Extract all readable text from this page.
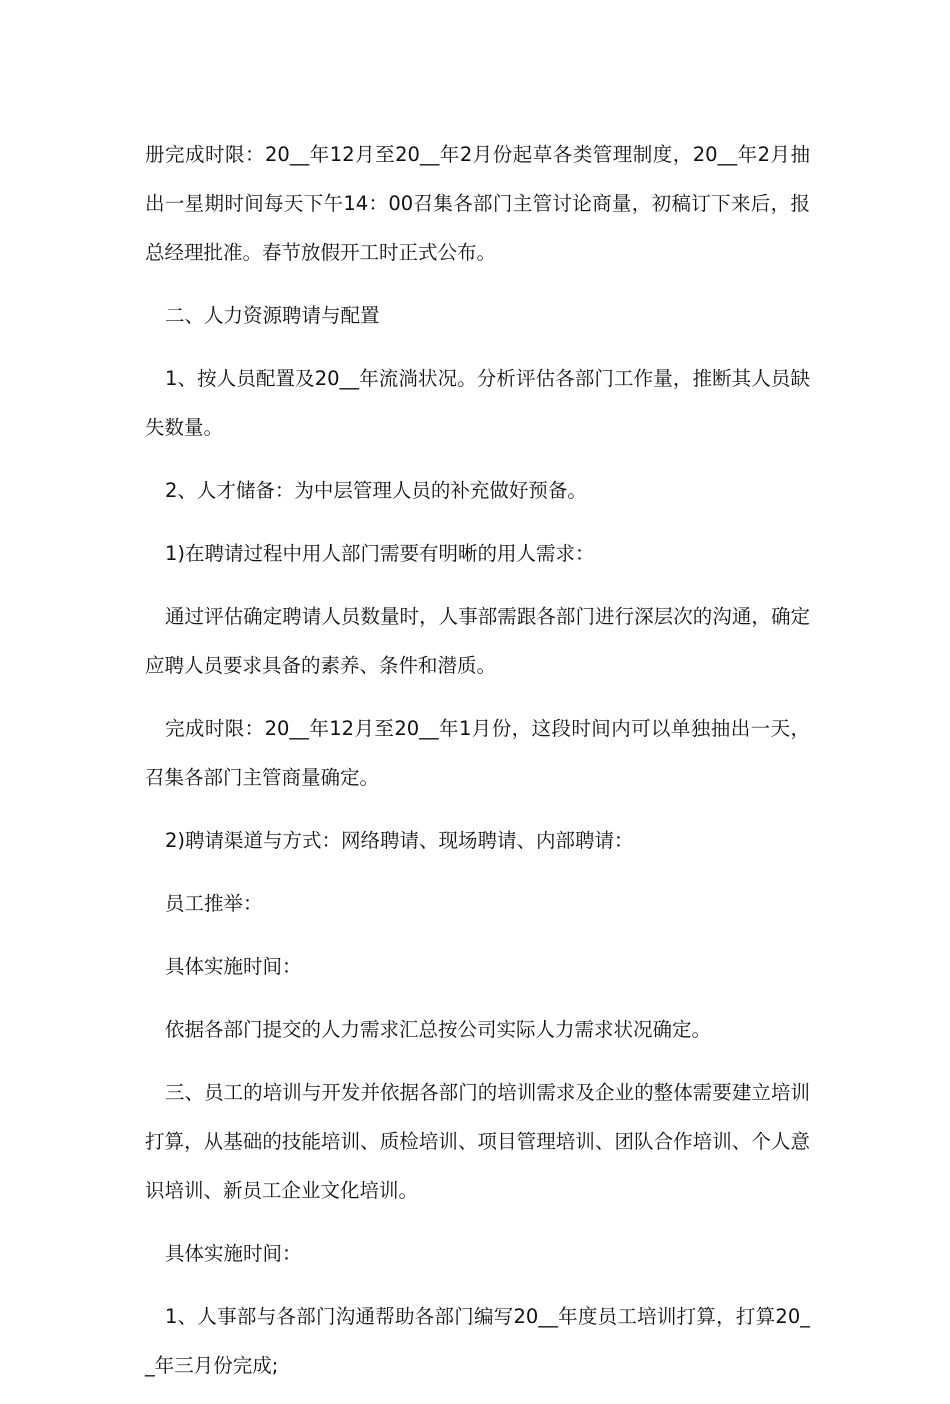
册完成时限：20__年12月至20__年2月份起草各类管理制度，20__年2月抽出一星期时间每天下午14：00召集各部门主管讨论商量，初稿订下来后，报总经理批准。春节放假开工时正式公布。

二、人力资源聘请与配置

1、按人员配置及20__年流淌状况。分析评估各部门工作量，推断其人员缺失数量。

2、人才储备：为中层管理人员的补充做好预备。

1)在聘请过程中用人部门需要有明晰的用人需求：

通过评估确定聘请人员数量时，人事部需跟各部门进行深层次的沟通，确定应聘人员要求具备的素养、条件和潜质。

完成时限：20__年12月至20__年1月份，这段时间内可以单独抽出一天，召集各部门主管商量确定。

2)聘请渠道与方式：网络聘请、现场聘请、内部聘请：

员工推举：

具体实施时间：

依据各部门提交的人力需求汇总按公司实际人力需求状况确定。

三、员工的培训与开发并依据各部门的培训需求及企业的整体需要建立培训打算，从基础的技能培训、质检培训、项目管理培训、团队合作培训、个人意识培训、新员工企业文化培训。

具体实施时间：

1、人事部与各部门沟通帮助各部门编写20__年度员工培训打算，打算20__年三月份完成;
